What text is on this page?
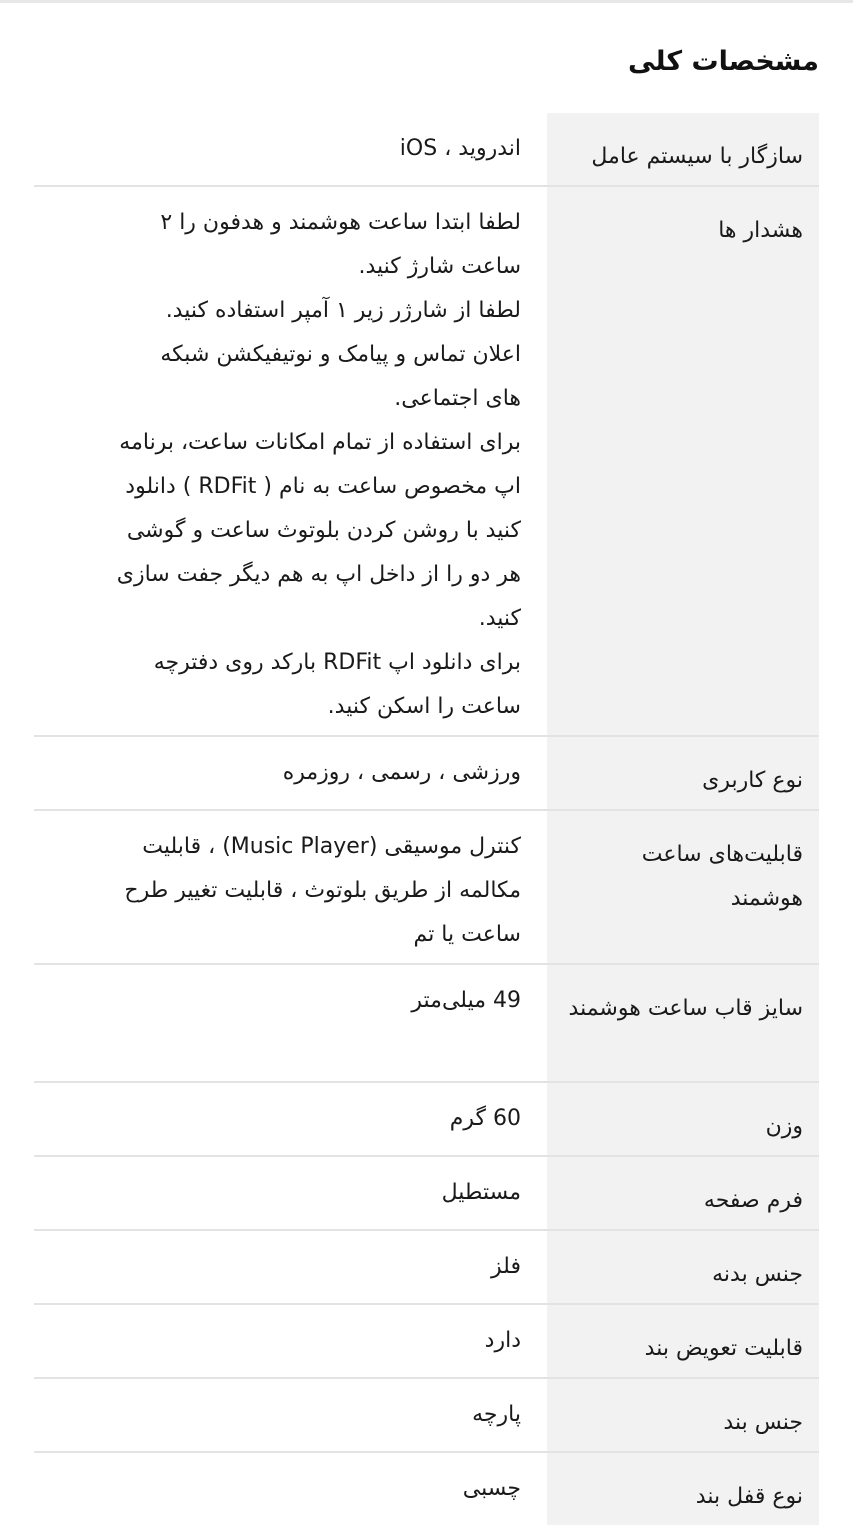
مشخصات کلی
سازگار با سیستم عامل
اندروید ، iOS
هشدار ها
لطفا ابتدا ساعت هوشمند و هدفون را ۲
ساعت شارژ کنید.
لطفا از شارژر زیر ۱ آمپر استفاده کنید.
اعلان تماس و پیامک و نوتیفیکشن شبکه
های اجتماعی.
برای استفاده از تمام امکانات ساعت، برنامه
اپ مخصوص ساعت به نام ( RDFit ) دانلود
کنید با روشن کردن بلوتوث ساعت و گوشی
هر دو را از داخل اپ به هم دیگر جفت سازی
کنید.
برای دانلود اپ RDFit بارکد روی دفترچه
ساعت را اسکن کنید.
نوع کاربری
ورزشی ، رسمی ، روزمره
قابلیت‌های ساعت هوشمند
کنترل موسیقی (Music Player) ، قابلیت
مکالمه از طریق بلوتوث ، قابلیت تغییر طرح
ساعت یا تم
سایز قاب ساعت هوشمند
49 میلی‌متر
وزن
60 گرم
فرم صفحه
مستطیل
جنس بدنه
فلز
قابلیت تعویض بند
دارد
جنس بند
پارچه
نوع قفل بند
چسبی
